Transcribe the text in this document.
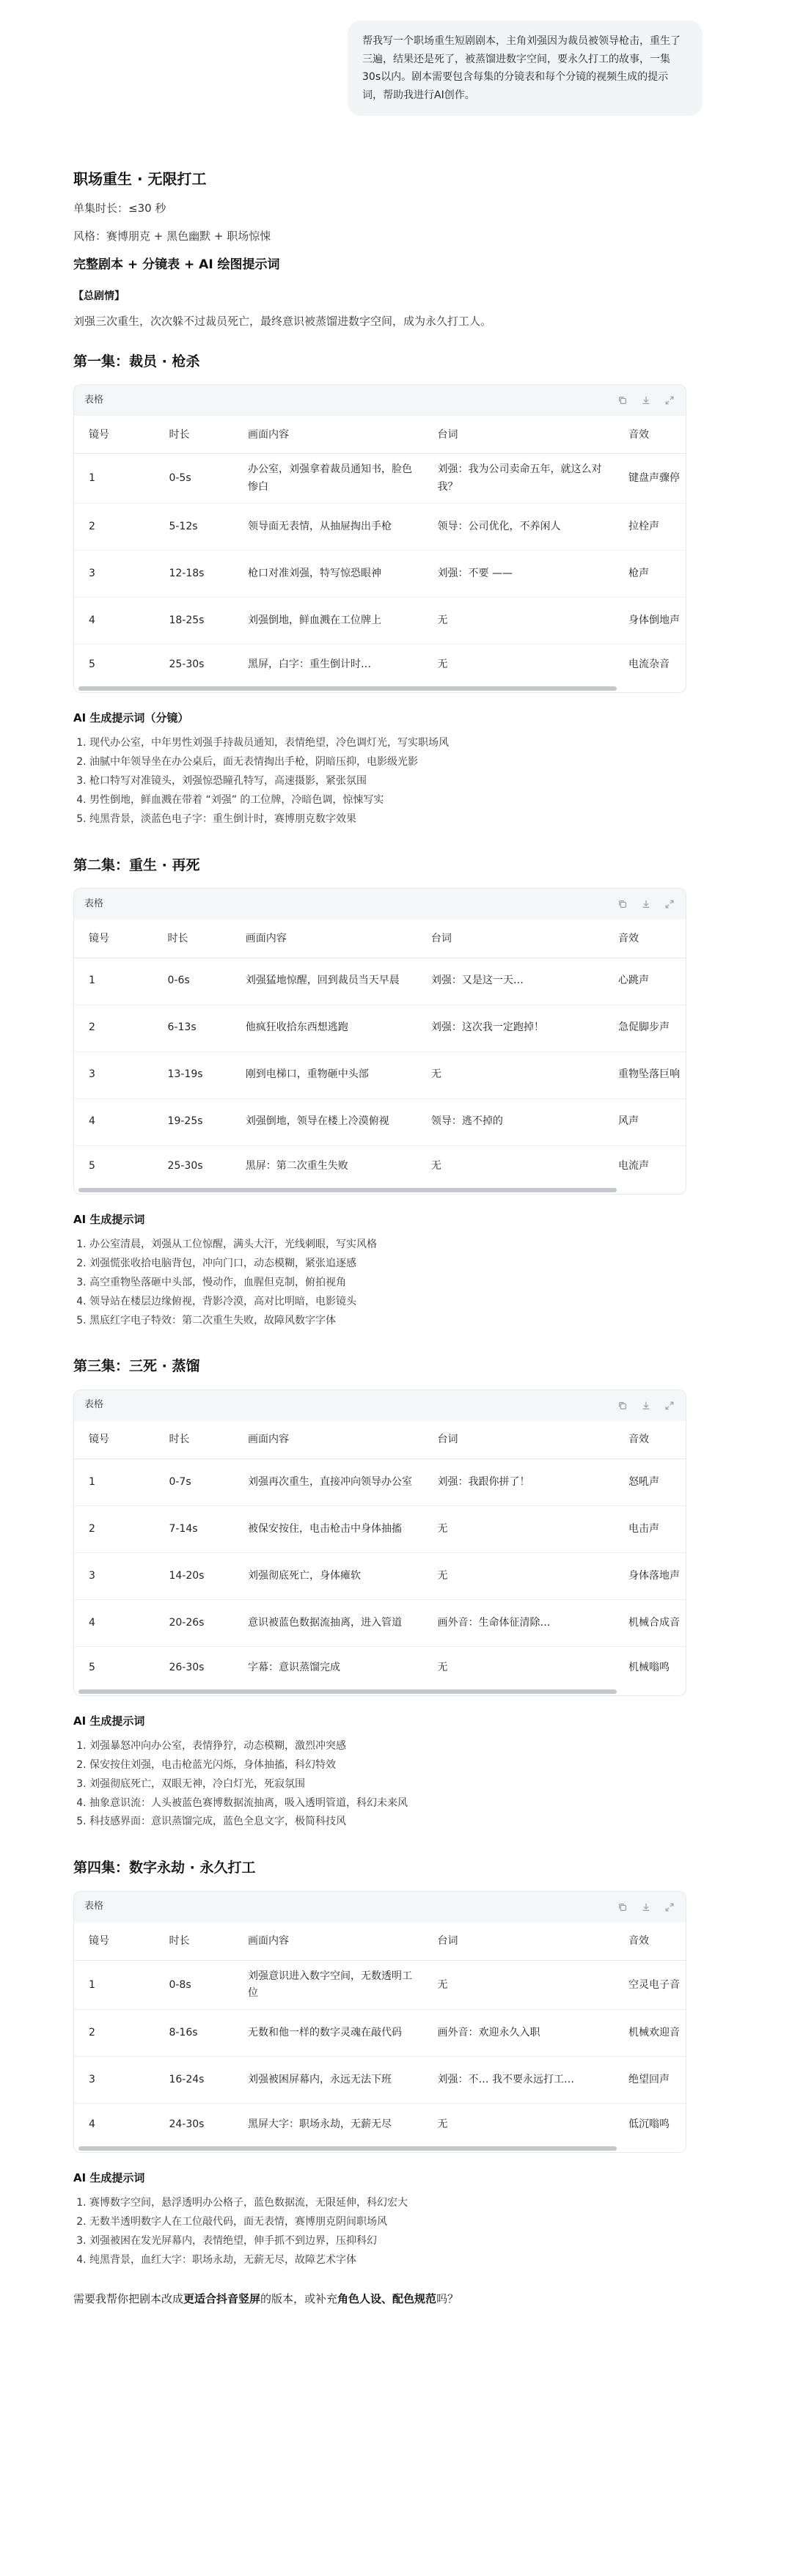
帮我写一个职场重生短剧剧本，主角刘强因为裁员被领导枪击，重生了三遍，结果还是死了，被蒸馏进数字空间，要永久打工的故事，一集30s以内。剧本需要包含每集的分镜表和每个分镜的视频生成的提示词，帮助我进行AI创作。
职场重生 · 无限打工
单集时长：≤30 秒
风格：赛博朋克 + 黑色幽默 + 职场惊悚
完整剧本 + 分镜表 + AI 绘图提示词
【总剧情】
刘强三次重生，次次躲不过裁员死亡，最终意识被蒸馏进数字空间，成为永久打工人。
第一集：裁员 · 枪杀
表格
镜号	时长	画面内容	台词	音效
1	0-5s	办公室，刘强拿着裁员通知书，脸色惨白	刘强：我为公司卖命五年，就这么对我？	键盘声骤停
2	5-12s	领导面无表情，从抽屉掏出手枪	领导：公司优化，不养闲人	拉栓声
3	12-18s	枪口对准刘强，特写惊恐眼神	刘强：不要 ——	枪声
4	18-25s	刘强倒地，鲜血溅在工位牌上	无	身体倒地声
5	25-30s	黑屏，白字：重生倒计时…	无	电流杂音
AI 生成提示词（分镜）
1. 现代办公室，中年男性刘强手持裁员通知，表情绝望，冷色调灯光，写实职场风
2. 油腻中年领导坐在办公桌后，面无表情掏出手枪，阴暗压抑，电影级光影
3. 枪口特写对准镜头，刘强惊恐瞳孔特写，高速摄影，紧张氛围
4. 男性倒地，鲜血溅在带着 “刘强” 的工位牌，冷暗色调，惊悚写实
5. 纯黑背景，淡蓝色电子字：重生倒计时，赛博朋克数字效果
第二集：重生 · 再死
表格
镜号	时长	画面内容	台词	音效
1	0-6s	刘强猛地惊醒，回到裁员当天早晨	刘强：又是这一天…	心跳声
2	6-13s	他疯狂收拾东西想逃跑	刘强：这次我一定跑掉！	急促脚步声
3	13-19s	刚到电梯口，重物砸中头部	无	重物坠落巨响
4	19-25s	刘强倒地，领导在楼上冷漠俯视	领导：逃不掉的	风声
5	25-30s	黑屏：第二次重生失败	无	电流声
AI 生成提示词
1. 办公室清晨，刘强从工位惊醒，满头大汗，光线刺眼，写实风格
2. 刘强慌张收拾电脑背包，冲向门口，动态模糊，紧张追逐感
3. 高空重物坠落砸中头部，慢动作，血腥但克制，俯拍视角
4. 领导站在楼层边缘俯视，背影冷漠，高对比明暗，电影镜头
5. 黑底红字电子特效：第二次重生失败，故障风数字字体
第三集：三死 · 蒸馏
表格
镜号	时长	画面内容	台词	音效
1	0-7s	刘强再次重生，直接冲向领导办公室	刘强：我跟你拼了！	怒吼声
2	7-14s	被保安按住，电击枪击中身体抽搐	无	电击声
3	14-20s	刘强彻底死亡，身体瘫软	无	身体落地声
4	20-26s	意识被蓝色数据流抽离，进入管道	画外音：生命体征清除…	机械合成音
5	26-30s	字幕：意识蒸馏完成	无	机械嗡鸣
AI 生成提示词
1. 刘强暴怒冲向办公室，表情狰狞，动态模糊，激烈冲突感
2. 保安按住刘强，电击枪蓝光闪烁，身体抽搐，科幻特效
3. 刘强彻底死亡，双眼无神，冷白灯光，死寂氛围
4. 抽象意识流：人头被蓝色赛博数据流抽离，吸入透明管道，科幻未来风
5. 科技感界面：意识蒸馏完成，蓝色全息文字，极简科技风
第四集：数字永劫 · 永久打工
表格
镜号	时长	画面内容	台词	音效
1	0-8s	刘强意识进入数字空间，无数透明工位	无	空灵电子音
2	8-16s	无数和他一样的数字灵魂在敲代码	画外音：欢迎永久入职	机械欢迎音
3	16-24s	刘强被困屏幕内，永远无法下班	刘强：不… 我不要永远打工…	绝望回声
4	24-30s	黑屏大字：职场永劫，无薪无尽	无	低沉嗡鸣
AI 生成提示词
1. 赛博数字空间，悬浮透明办公格子，蓝色数据流，无限延伸，科幻宏大
2. 无数半透明数字人在工位敲代码，面无表情，赛博朋克阴间职场风
3. 刘强被困在发光屏幕内，表情绝望，伸手抓不到边界，压抑科幻
4. 纯黑背景，血红大字：职场永劫，无薪无尽，故障艺术字体
需要我帮你把剧本改成更适合抖音竖屏的版本，或补充角色人设、配色规范吗？
